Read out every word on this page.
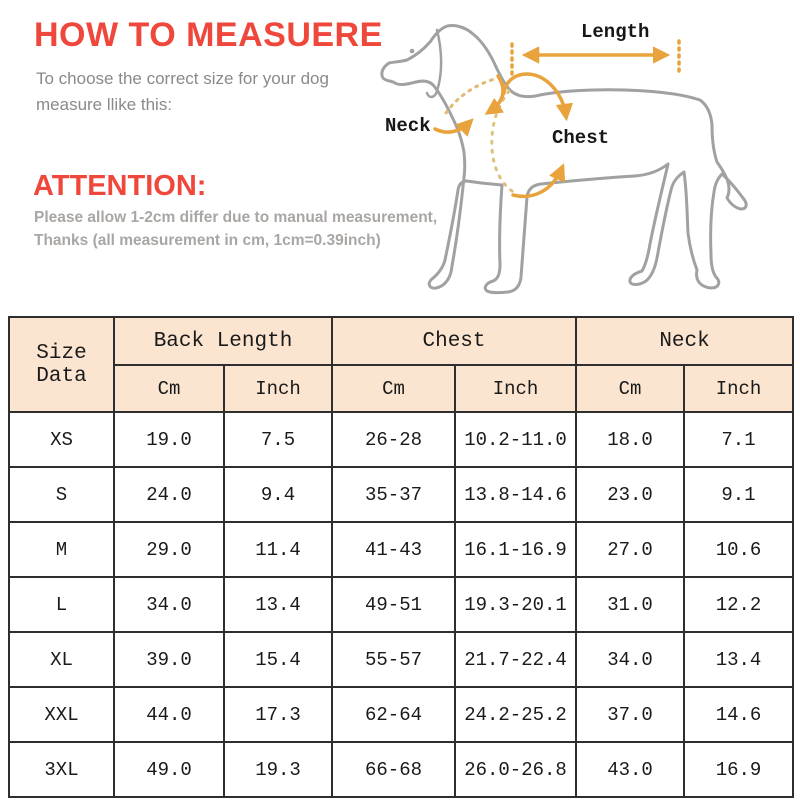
HOW TO MEASUERE
To choose the correct size for your dog
measure llike this:
ATTENTION:
Please allow 1-2cm differ due to manual measurement,
Thanks (all measurement in cm, 1cm=0.39inch)
Length
Neck
Chest
Size Data	Back Length		Chest		Neck	
	Cm	Inch	Cm	Inch	Cm	Inch
XS	19.0	7.5	26-28	10.2-11.0	18.0	7.1
S	24.0	9.4	35-37	13.8-14.6	23.0	9.1
M	29.0	11.4	41-43	16.1-16.9	27.0	10.6
L	34.0	13.4	49-51	19.3-20.1	31.0	12.2
XL	39.0	15.4	55-57	21.7-22.4	34.0	13.4
XXL	44.0	17.3	62-64	24.2-25.2	37.0	14.6
3XL	49.0	19.3	66-68	26.0-26.8	43.0	16.9
